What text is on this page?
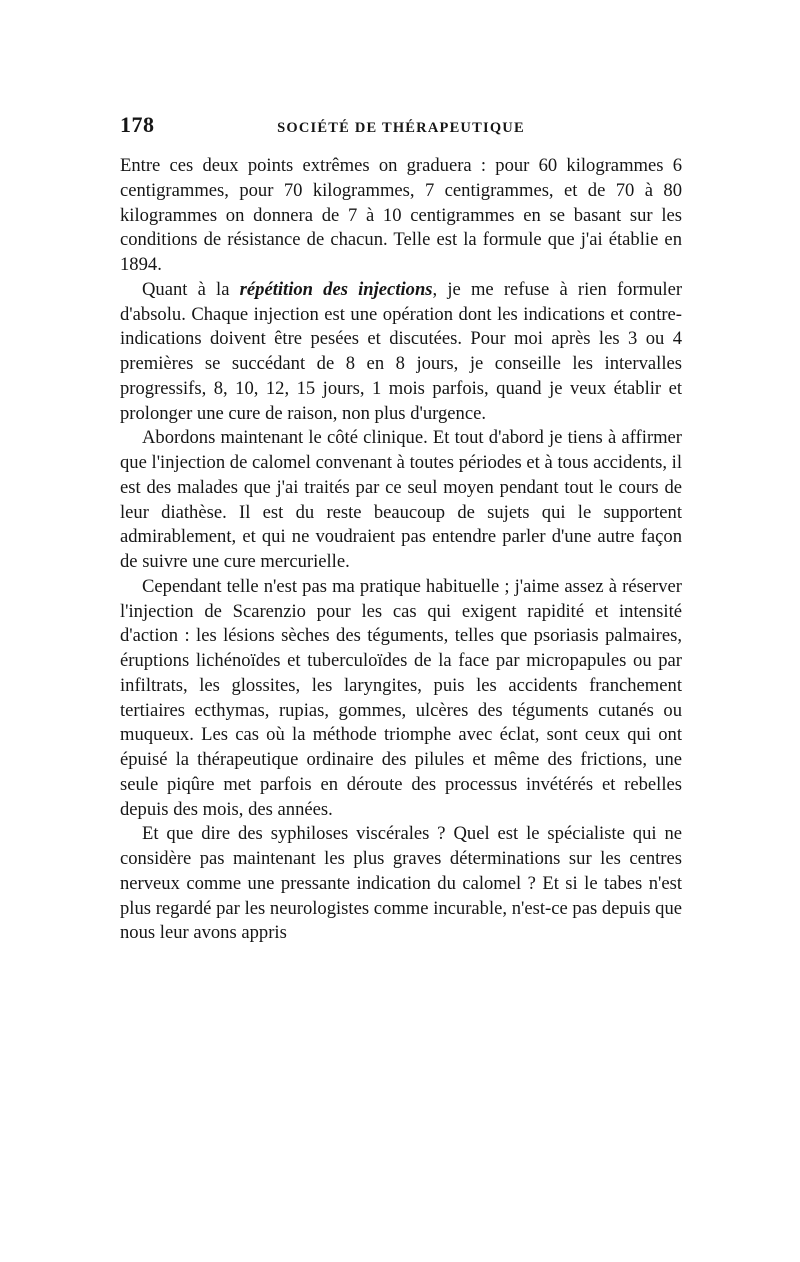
178	SOCIÉTÉ DE THÉRAPEUTIQUE

Entre ces deux points extrêmes on graduera : pour 60 kilogrammes 6 centigrammes, pour 70 kilogrammes, 7 centigrammes, et de 70 à 80 kilogrammes on donnera de 7 à 10 centigrammes en se basant sur les conditions de résistance de chacun. Telle est la formule que j'ai établie en 1894.

Quant à la répétition des injections, je me refuse à rien formuler d'absolu. Chaque injection est une opération dont les indications et contre-indications doivent être pesées et discutées. Pour moi après les 3 ou 4 premières se succédant de 8 en 8 jours, je conseille les intervalles progressifs, 8, 10, 12, 15 jours, 1 mois parfois, quand je veux établir et prolonger une cure de raison, non plus d'urgence.

Abordons maintenant le côté clinique. Et tout d'abord je tiens à affirmer que l'injection de calomel convenant à toutes périodes et à tous accidents, il est des malades que j'ai traités par ce seul moyen pendant tout le cours de leur diathèse. Il est du reste beaucoup de sujets qui le supportent admirablement, et qui ne voudraient pas entendre parler d'une autre façon de suivre une cure mercurielle.

Cependant telle n'est pas ma pratique habituelle ; j'aime assez à réserver l'injection de Scarenzio pour les cas qui exigent rapidité et intensité d'action : les lésions sèches des téguments, telles que psoriasis palmaires, éruptions lichénoïdes et tuberculoïdes de la face par micropapules ou par infiltrats, les glossites, les laryngites, puis les accidents franchement tertiaires ecthymas, rupias, gommes, ulcères des téguments cutanés ou muqueux. Les cas où la méthode triomphe avec éclat, sont ceux qui ont épuisé la thérapeutique ordinaire des pilules et même des frictions, une seule piqûre met parfois en déroute des processus invétérés et rebelles depuis des mois, des années.

Et que dire des syphiloses viscérales ? Quel est le spécialiste qui ne considère pas maintenant les plus graves déterminations sur les centres nerveux comme une pressante indication du calomel ? Et si le tabes n'est plus regardé par les neurologistes comme incurable, n'est-ce pas depuis que nous leur avons appris
